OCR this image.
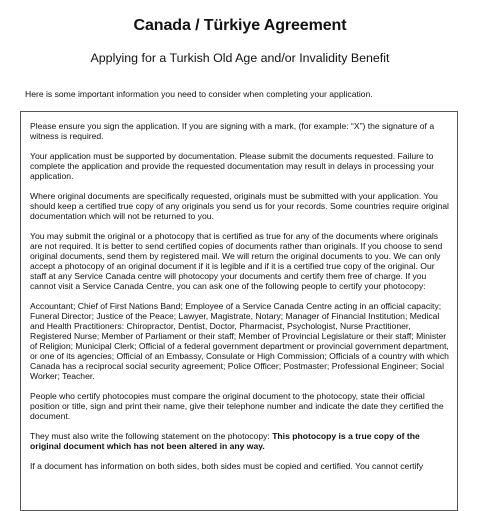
Canada / Türkiye Agreement
Applying for a Turkish Old Age and/or Invalidity Benefit
Here is some important information you need to consider when completing your application.

Please ensure you sign the application. If you are signing with a mark, (for example: “X”) the signature of a witness is required.

Your application must be supported by documentation. Please submit the documents requested. Failure to complete the application and provide the requested documentation may result in delays in processing your application.

Where original documents are specifically requested, originals must be submitted with your application. You should keep a certified true copy of any originals you send us for your records. Some countries require original documentation which will not be returned to you.

You may submit the original or a photocopy that is certified as true for any of the documents where originals are not required. It is better to send certified copies of documents rather than originals. If you choose to send original documents, send them by registered mail. We will return the original documents to you. We can only accept a photocopy of an original document if it is legible and if it is a certified true copy of the original. Our staff at any Service Canada centre will photocopy your documents and certify them free of charge. If you cannot visit a Service Canada Centre, you can ask one of the following people to certify your photocopy:

Accountant; Chief of First Nations Band; Employee of a Service Canada Centre acting in an official capacity; Funeral Director; Justice of the Peace; Lawyer, Magistrate, Notary; Manager of Financial Institution; Medical and Health Practitioners: Chiropractor, Dentist, Doctor, Pharmacist, Psychologist, Nurse Practitioner, Registered Nurse; Member of Parliament or their staff; Member of Provincial Legislature or their staff; Minister of Religion; Municipal Clerk; Official of a federal government department or provincial government department, or one of its agencies; Official of an Embassy, Consulate or High Commission; Officials of a country with which Canada has a reciprocal social security agreement; Police Officer; Postmaster; Professional Engineer; Social Worker; Teacher.

People who certify photocopies must compare the original document to the photocopy, state their official position or title, sign and print their name, give their telephone number and indicate the date they certified the document.

They must also write the following statement on the photocopy: This photocopy is a true copy of the original document which has not been altered in any way.

If a document has information on both sides, both sides must be copied and certified. You cannot certify
